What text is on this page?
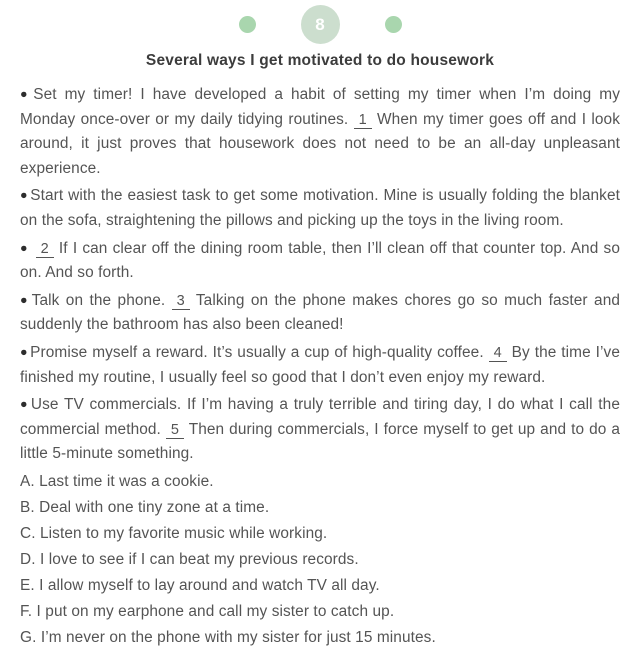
8
Several ways I get motivated to do housework
● Set my timer! I have developed a habit of setting my timer when I’m doing my Monday once-over or my daily tidying routines. 1 When my timer goes off and I look around, it just proves that housework does not need to be an all-day unpleasant experience.
● Start with the easiest task to get some motivation. Mine is usually folding the blanket on the sofa, straightening the pillows and picking up the toys in the living room.
● 2 If I can clear off the dining room table, then I’ll clean off that counter top. And so on. And so forth.
● Talk on the phone. 3 Talking on the phone makes chores go so much faster and suddenly the bathroom has also been cleaned!
● Promise myself a reward. It’s usually a cup of high-quality coffee. 4 By the time I’ve finished my routine, I usually feel so good that I don’t even enjoy my reward.
● Use TV commercials. If I’m having a truly terrible and tiring day, I do what I call the commercial method. 5 Then during commercials, I force myself to get up and to do a little 5-minute something.
A. Last time it was a cookie.
B. Deal with one tiny zone at a time.
C. Listen to my favorite music while working.
D. I love to see if I can beat my previous records.
E. I allow myself to lay around and watch TV all day.
F. I put on my earphone and call my sister to catch up.
G. I’m never on the phone with my sister for just 15 minutes.
